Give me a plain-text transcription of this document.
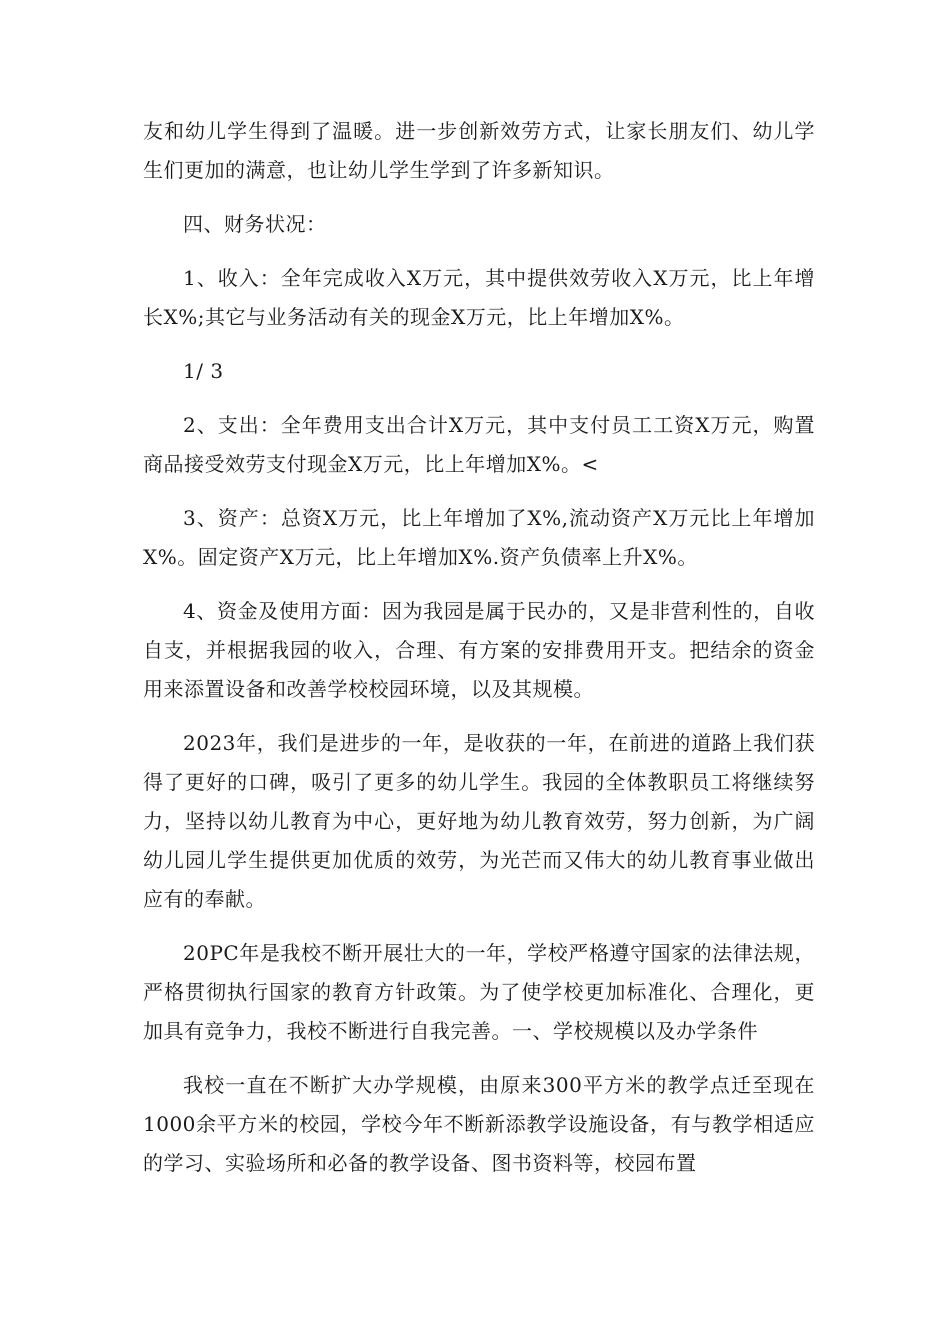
友和幼儿学生得到了温暖。进一步创新效劳方式，让家长朋友们、幼儿学生们更加的满意，也让幼儿学生学到了许多新知识。

四、财务状况：

1、收入：全年完成收入X万元，其中提供效劳收入X万元，比上年增长X%;其它与业务活动有关的现金X万元，比上年增加X%。

1/ 3

2、支出：全年费用支出合计X万元，其中支付员工工资X万元，购置商品接受效劳支付现金X万元，比上年增加X%。<

3、资产：总资X万元，比上年增加了X%,流动资产X万元比上年增加X%。固定资产X万元，比上年增加X%.资产负债率上升X%。

4、资金及使用方面：因为我园是属于民办的，又是非营利性的，自收自支，并根据我园的收入，合理、有方案的安排费用开支。把结余的资金用来添置设备和改善学校校园环境，以及其规模。

2023年，我们是进步的一年，是收获的一年，在前进的道路上我们获得了更好的口碑，吸引了更多的幼儿学生。我园的全体教职员工将继续努力，坚持以幼儿教育为中心，更好地为幼儿教育效劳，努力创新，为广阔幼儿园儿学生提供更加优质的效劳，为光芒而又伟大的幼儿教育事业做出应有的奉献。

20PC年是我校不断开展壮大的一年，学校严格遵守国家的法律法规，严格贯彻执行国家的教育方针政策。为了使学校更加标准化、合理化，更加具有竞争力，我校不断进行自我完善。一、学校规模以及办学条件

我校一直在不断扩大办学规模，由原来300平方米的教学点迁至现在1000余平方米的校园，学校今年不断新添教学设施设备，有与教学相适应的学习、实验场所和必备的教学设备、图书资料等，校园布置
